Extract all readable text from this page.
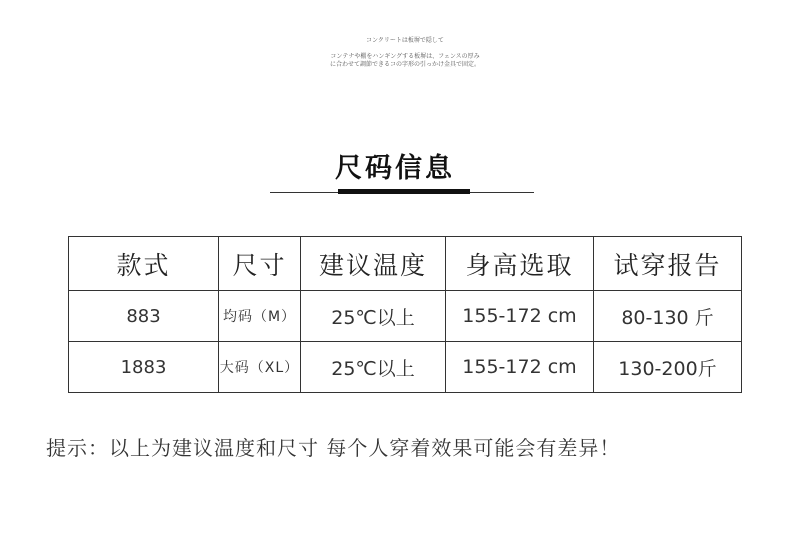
コンクリートは板塀で隠して
コンテナや棚をハンギングする板塀は、フェンスの厚み
に合わせて調節できるコの字形の引っかけ金具で固定。
尺码信息
款式	尺寸	建议温度	身高选取	试穿报告
883	均码（M）	25℃以上	155-172 cm	80-130 斤
1883	大码（XL）	25℃以上	155-172 cm	130-200斤
提示：以上为建议温度和尺寸 每个人穿着效果可能会有差异！
